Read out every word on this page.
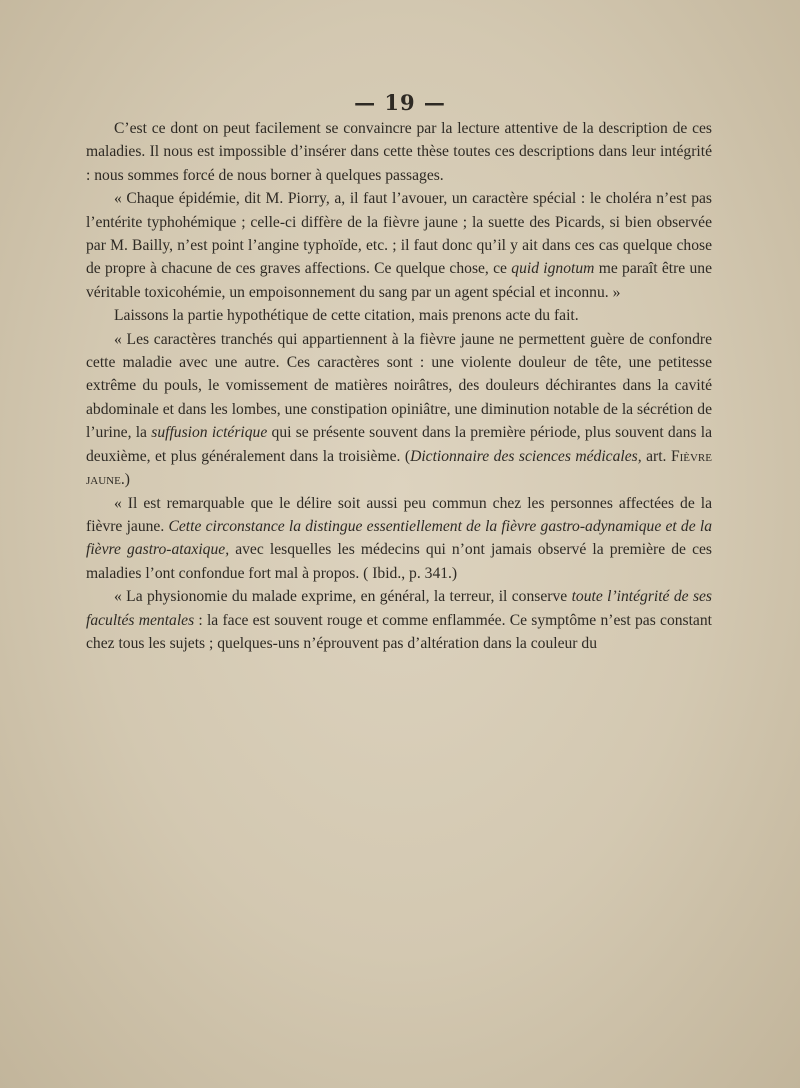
— 19 —

C’est ce dont on peut facilement se convaincre par la lecture attentive de la description de ces maladies. Il nous est impossible d’insérer dans cette thèse toutes ces descriptions dans leur intégrité : nous sommes forcé de nous borner à quelques passages.

« Chaque épidémie, dit M. Piorry, a, il faut l’avouer, un caractère spécial : le choléra n’est pas l’entérite typhohémique ; celle-ci diffère de la fièvre jaune ; la suette des Picards, si bien observée par M. Bailly, n’est point l’angine typhoïde, etc. ; il faut donc qu’il y ait dans ces cas quelque chose de propre à chacune de ces graves affections. Ce quelque chose, ce quid ignotum me paraît être une véritable toxicohémie, un empoisonnement du sang par un agent spécial et inconnu. »

Laissons la partie hypothétique de cette citation, mais prenons acte du fait.

« Les caractères tranchés qui appartiennent à la fièvre jaune ne permettent guère de confondre cette maladie avec une autre. Ces caractères sont : une violente douleur de tête, une petitesse extrême du pouls, le vomissement de matières noirâtres, des douleurs déchirantes dans la cavité abdominale et dans les lombes, une constipation opiniâtre, une diminution notable de la sécrétion de l’urine, la suffusion ictérique qui se présente souvent dans la première période, plus souvent dans la deuxième, et plus généralement dans la troisième. (Dictionnaire des sciences médicales, art. Fièvre jaune.)

« Il est remarquable que le délire soit aussi peu commun chez les personnes affectées de la fièvre jaune. Cette circonstance la distingue essentiellement de la fièvre gastro-adynamique et de la fièvre gastro-ataxique, avec lesquelles les médecins qui n’ont jamais observé la première de ces maladies l’ont confondue fort mal à propos. ( Ibid., p. 341.)

« La physionomie du malade exprime, en général, la terreur, il conserve toute l’intégrité de ses facultés mentales : la face est souvent rouge et comme enflammée. Ce symptôme n’est pas constant chez tous les sujets ; quelques-uns n’éprouvent pas d’altération dans la couleur du
